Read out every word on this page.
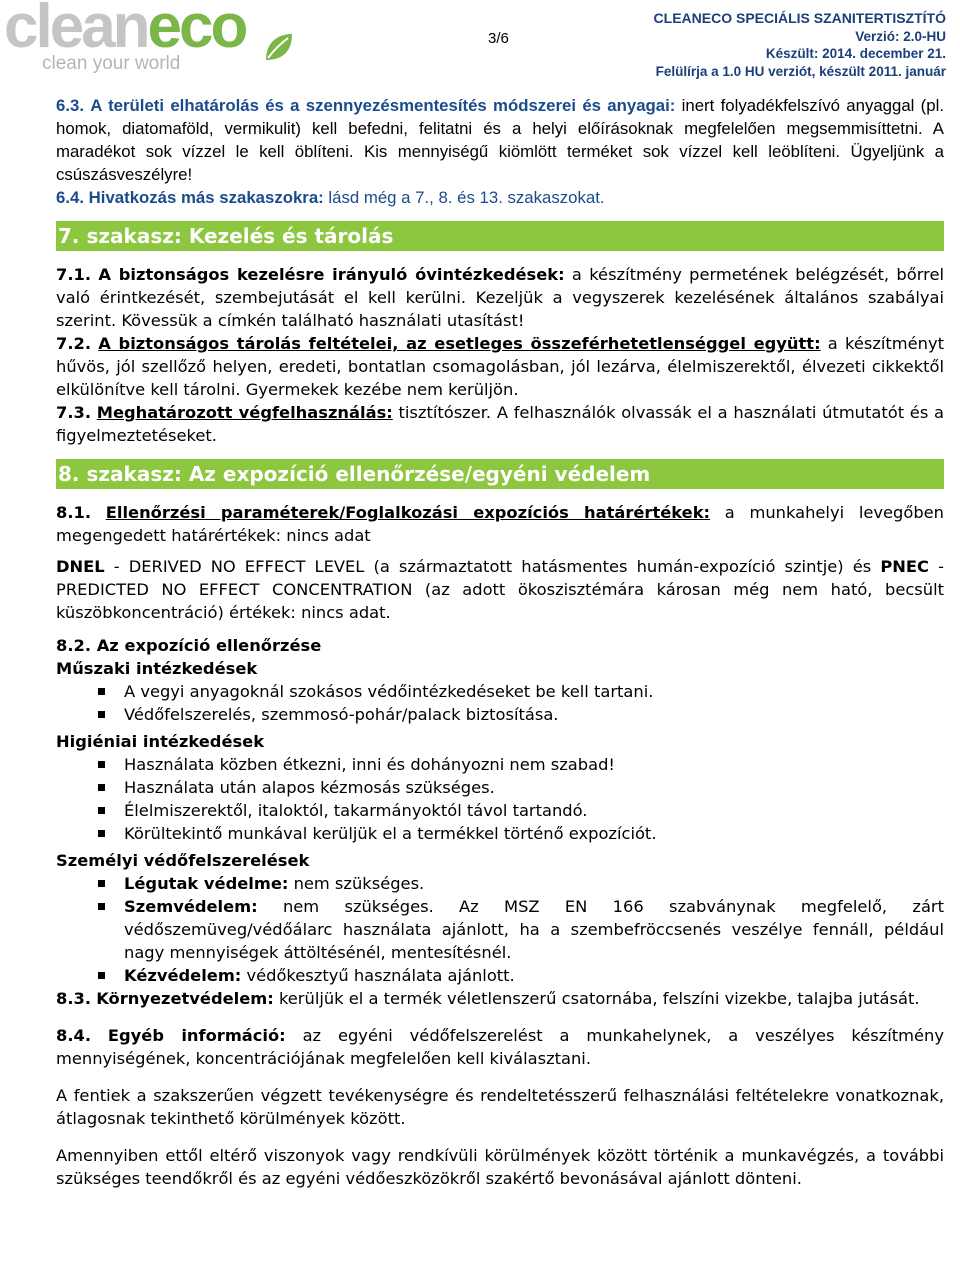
cleaneco
clean your world
3/6
CLEANECO SPECIÁLIS SZANITERTISZTÍTÓ
Verzió: 2.0-HU
Készült: 2014. december 21.
Felülírja a 1.0 HU verziót, készült 2011. január

6.3. A területi elhatárolás és a szennyezésmentesítés módszerei és anyagai: inert folyadékfelszívó anyaggal (pl. homok, diatomaföld, vermikulit) kell befedni, felitatni és a helyi előírásoknak megfelelően megsemmisíttetni. A maradékot sok vízzel le kell öblíteni. Kis mennyiségű kiömlött terméket sok vízzel kell leöblíteni. Ügyeljünk a csúszásveszélyre!

6.4. Hivatkozás más szakaszokra: lásd még a 7., 8. és 13. szakaszokat.

7. szakasz: Kezelés és tárolás

7.1. A biztonságos kezelésre irányuló óvintézkedések: a készítmény permetének belégzését, bőrrel való érintkezését, szembejutását el kell kerülni. Kezeljük a vegyszerek kezelésének általános szabályai szerint. Kövessük a címkén található használati utasítást!

7.2. A biztonságos tárolás feltételei, az esetleges összeférhetetlenséggel együtt: a készítményt hűvös, jól szellőző helyen, eredeti, bontatlan csomagolásban, jól lezárva, élelmiszerektől, élvezeti cikkektől elkülönítve kell tárolni. Gyermekek kezébe nem kerüljön.

7.3. Meghatározott végfelhasználás: tisztítószer. A felhasználók olvassák el a használati útmutatót és a figyelmeztetéseket.

8. szakasz: Az expozíció ellenőrzése/egyéni védelem

8.1. Ellenőrzési paraméterek/Foglalkozási expozíciós határértékek: a munkahelyi levegőben megengedett határértékek: nincs adat

DNEL - DERIVED NO EFFECT LEVEL (a származtatott hatásmentes humán-expozíció szintje) és PNEC - PREDICTED NO EFFECT CONCENTRATION (az adott ökoszisztémára károsan még nem ható, becsült küszöbkoncentráció) értékek: nincs adat.

8.2. Az expozíció ellenőrzése

Műszaki intézkedések

A vegyi anyagoknál szokásos védőintézkedéseket be kell tartani.
Védőfelszerelés, szemmosó-pohár/palack biztosítása.

Higiéniai intézkedések

Használata közben étkezni, inni és dohányozni nem szabad!
Használata után alapos kézmosás szükséges.
Élelmiszerektől, italoktól, takarmányoktól távol tartandó.
Körültekintő munkával kerüljük el a termékkel történő expozíciót.

Személyi védőfelszerelések

Légutak védelme: nem szükséges.
Szemvédelem: nem szükséges. Az MSZ EN 166 szabványnak megfelelő, zárt védőszemüveg/védőálarc használata ajánlott, ha a szembefröccsenés veszélye fennáll, például nagy mennyiségek áttöltésénél, mentesítésnél.
Kézvédelem: védőkesztyű használata ajánlott.

8.3. Környezetvédelem: kerüljük el a termék véletlenszerű csatornába, felszíni vizekbe, talajba jutását.

8.4. Egyéb információ: az egyéni védőfelszerelést a munkahelynek, a veszélyes készítmény mennyiségének, koncentrációjának megfelelően kell kiválasztani.

A fentiek a szakszerűen végzett tevékenységre és rendeltetésszerű felhasználási feltételekre vonatkoznak, átlagosnak tekinthető körülmények között.

Amennyiben ettől eltérő viszonyok vagy rendkívüli körülmények között történik a munkavégzés, a további szükséges teendőkről és az egyéni védőeszközökről szakértő bevonásával ajánlott dönteni.
